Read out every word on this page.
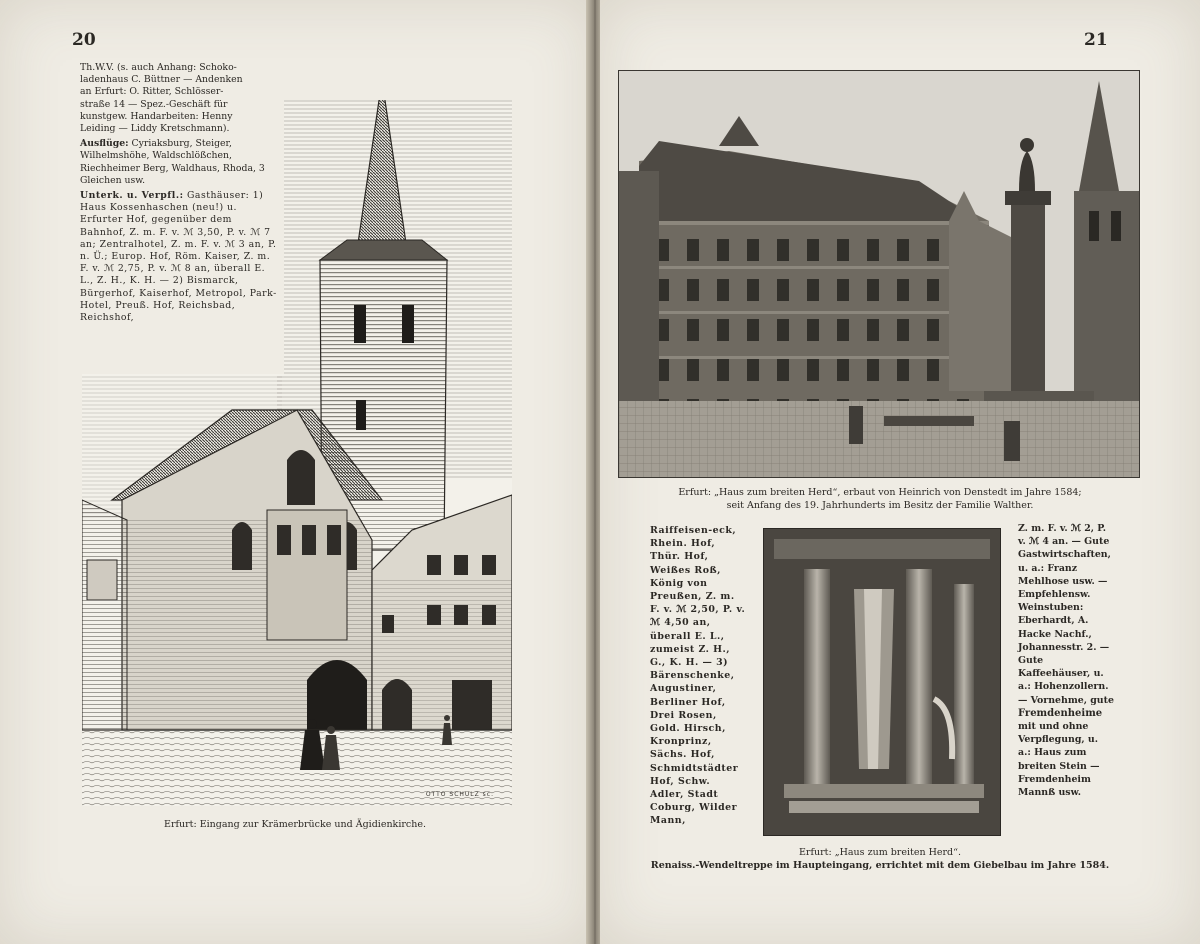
20
OTTO SCHULZ sc.
Th.W.V. (s. auch Anhang: Schoko-
ladenhaus C. Büttner — Andenken
an Erfurt: O. Ritter, Schlösser-
straße 14 — Spez.-Geschäft für
kunstgew. Handarbeiten: Henny
Leiding — Liddy Kretschmann).

Ausflüge: Cyriaksburg, Steiger, Wilhelmshöhe, Waldschlößchen, Riechheimer Berg, Waldhaus, Rhoda, 3 Gleichen usw.

Unterk. u. Verpfl.: Gasthäuser: 1) Haus Kossenhaschen (neu!) u. Erfurter Hof, gegenüber dem Bahnhof, Z. m. F. v. ℳ 3,50, P. v. ℳ 7 an; Zentralhotel, Z. m. F. v. ℳ 3 an, P. n. Ü.; Europ. Hof, Röm. Kaiser, Z. m. F. v. ℳ 2,75, P. v. ℳ 8 an, überall E. L., Z. H., K. H. — 2) Bismarck, Bürgerhof, Kaiserhof, Metropol, Park-Hotel, Preuß. Hof, Reichsbad, Reichshof,

Erfurt: Eingang zur Krämerbrücke und Ägidienkirche.
21
Erfurt: „Haus zum breiten Herd“, erbaut von Heinrich von Denstedt im Jahre 1584;
seit Anfang des 19. Jahrhunderts im Besitz der Familie Walther.
Raiffeisen-eck, Rhein. Hof, Thür. Hof, Weißes Roß, König von Preußen, Z. m. F. v. ℳ 2,50, P. v. ℳ 4,50 an, überall E. L., zumeist Z. H., G., K. H. — 3) Bärenschenke, Augustiner, Berliner Hof, Drei Rosen, Gold. Hirsch, Kronprinz, Sächs. Hof, Schmidtstädter Hof, Schw. Adler, Stadt Coburg, Wilder Mann,
Z. m. F. v. ℳ 2, P. v. ℳ 4 an. — Gute Gastwirtschaften, u. a.: Franz Mehlhose usw. — Empfehlensw. Weinstuben: Eberhardt, A. Hacke Nachf., Johannesstr. 2. — Gute Kaffeehäuser, u. a.: Hohenzollern. — Vornehme, gute Fremdenheime mit und ohne Verpflegung, u. a.: Haus zum breiten Stein — Fremdenheim Mannß usw.
Erfurt: „Haus zum breiten Herd“.
Renaiss.-Wendeltreppe im Haupteingang, errichtet mit dem Giebelbau im Jahre 1584.
